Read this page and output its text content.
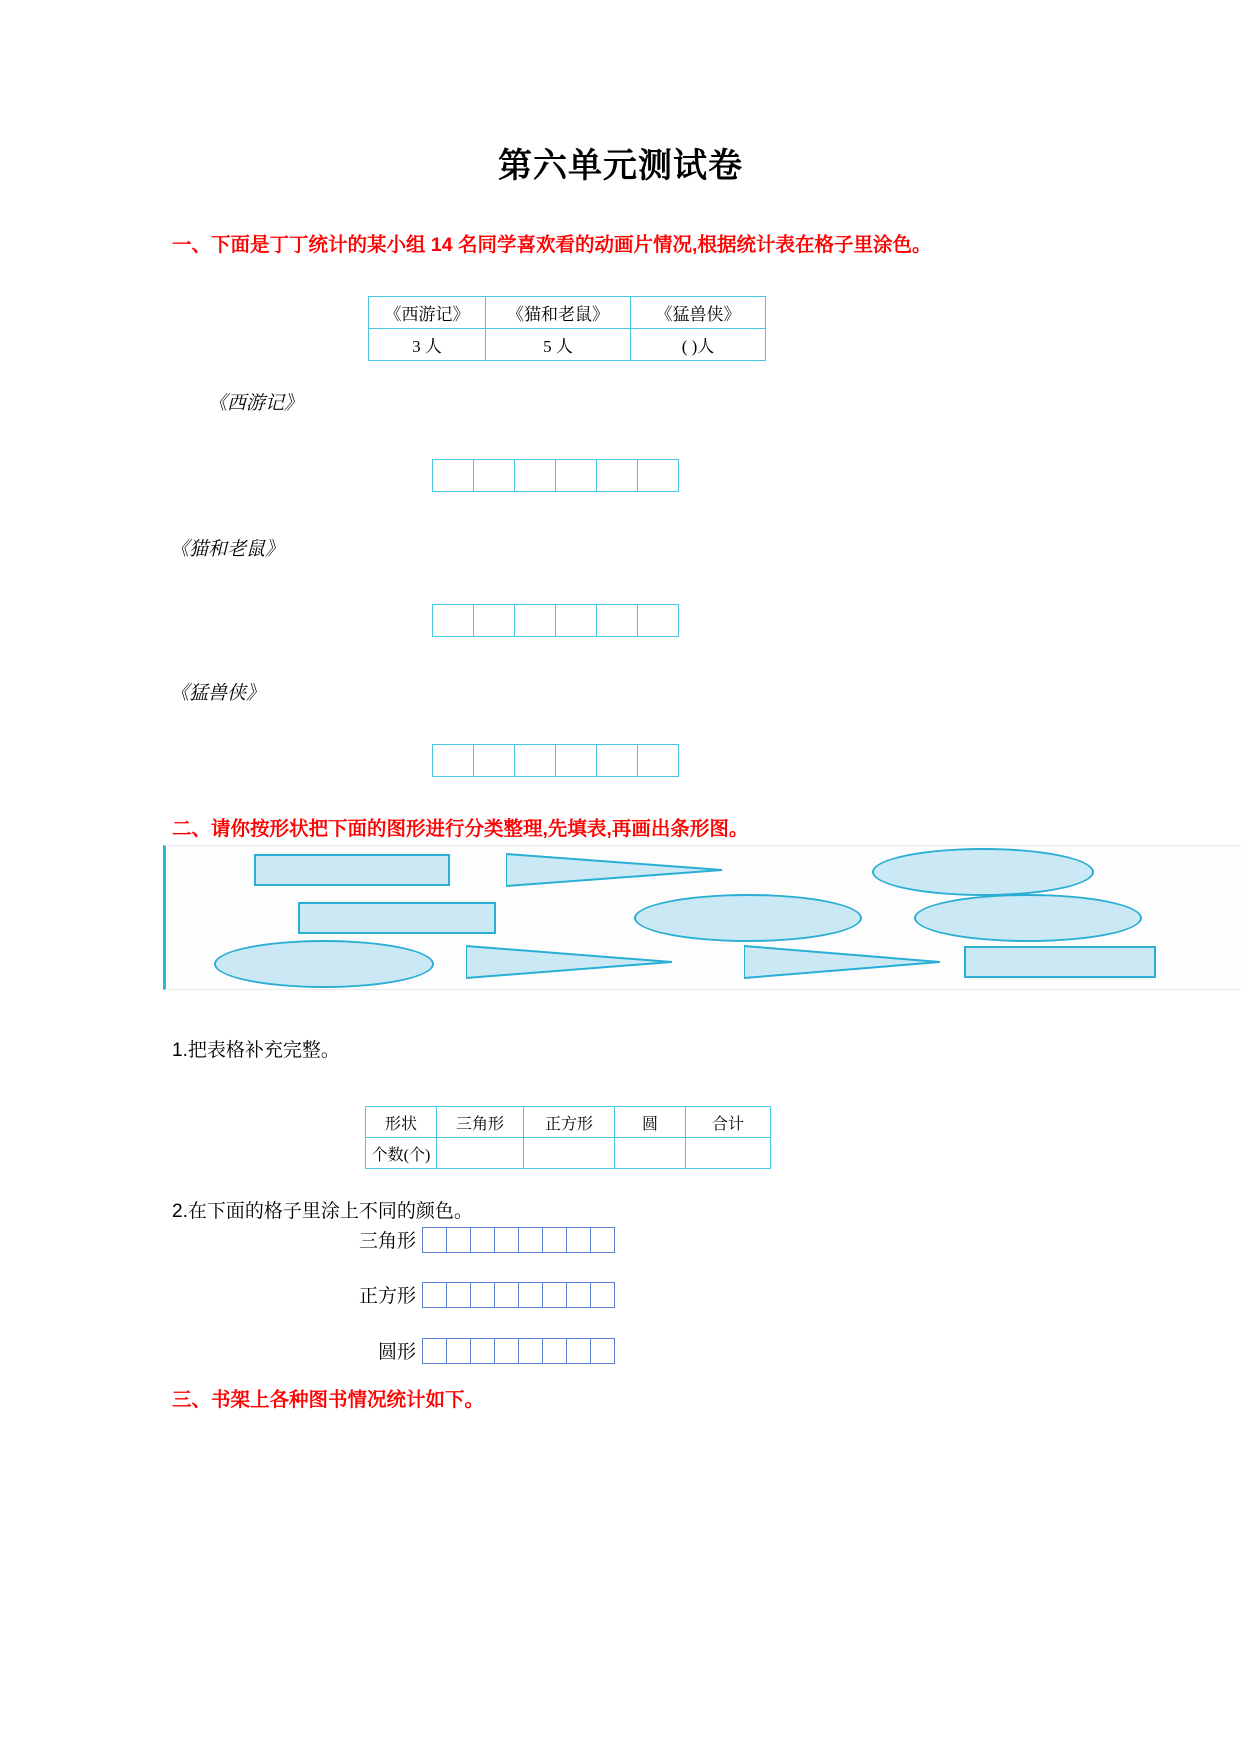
第六单元测试卷
一、下面是丁丁统计的某小组 14 名同学喜欢看的动画片情况,根据统计表在格子里涂色。
《西游记》	《猫和老鼠》	《猛兽侠》
3 人	5 人	( )人
《西游记》
《猫和老鼠》
《猛兽侠》
二、请你按形状把下面的图形进行分类整理,先填表,再画出条形图。
1.把表格补充完整。
形状	三角形	正方形	圆	合计
个数(个)				
2.在下面的格子里涂上不同的颜色。
三角形
正方形
圆形
三、书架上各种图书情况统计如下。
